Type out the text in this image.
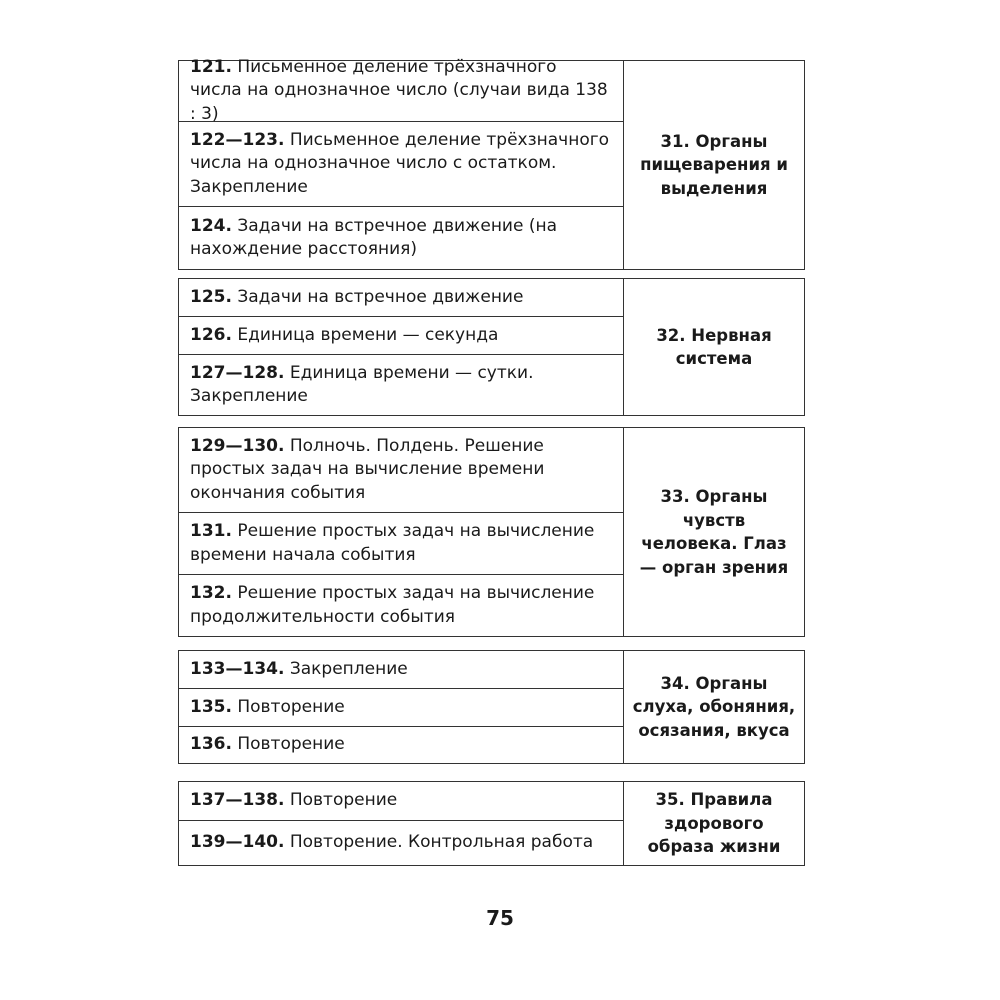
121. Письменное деление трёхзначного числа на однозначное число (случаи вида 138 : 3)
122—123. Письменное деление трёхзначного числа на однозначное число с остатком. Закрепление
124. Задачи на встречное движение (на нахождение расстояния)
31. Органы пищеварения и выделения
125. Задачи на встречное движение
126. Единица времени — секунда
127—128. Единица времени — сутки. Закрепление
32. Нервная система
129—130. Полночь. Полдень. Решение простых задач на вычисление времени окончания события
131. Решение простых задач на вычисление времени начала события
132. Решение простых задач на вычисление продолжительности события
33. Органы чувств человека. Глаз — орган зрения
133—134. Закрепление
135. Повторение
136. Повторение
34. Органы слуха, обоняния, осязания, вкуса
137—138. Повторение
139—140. Повторение. Контрольная работа
35. Правила здорового образа жизни
75
